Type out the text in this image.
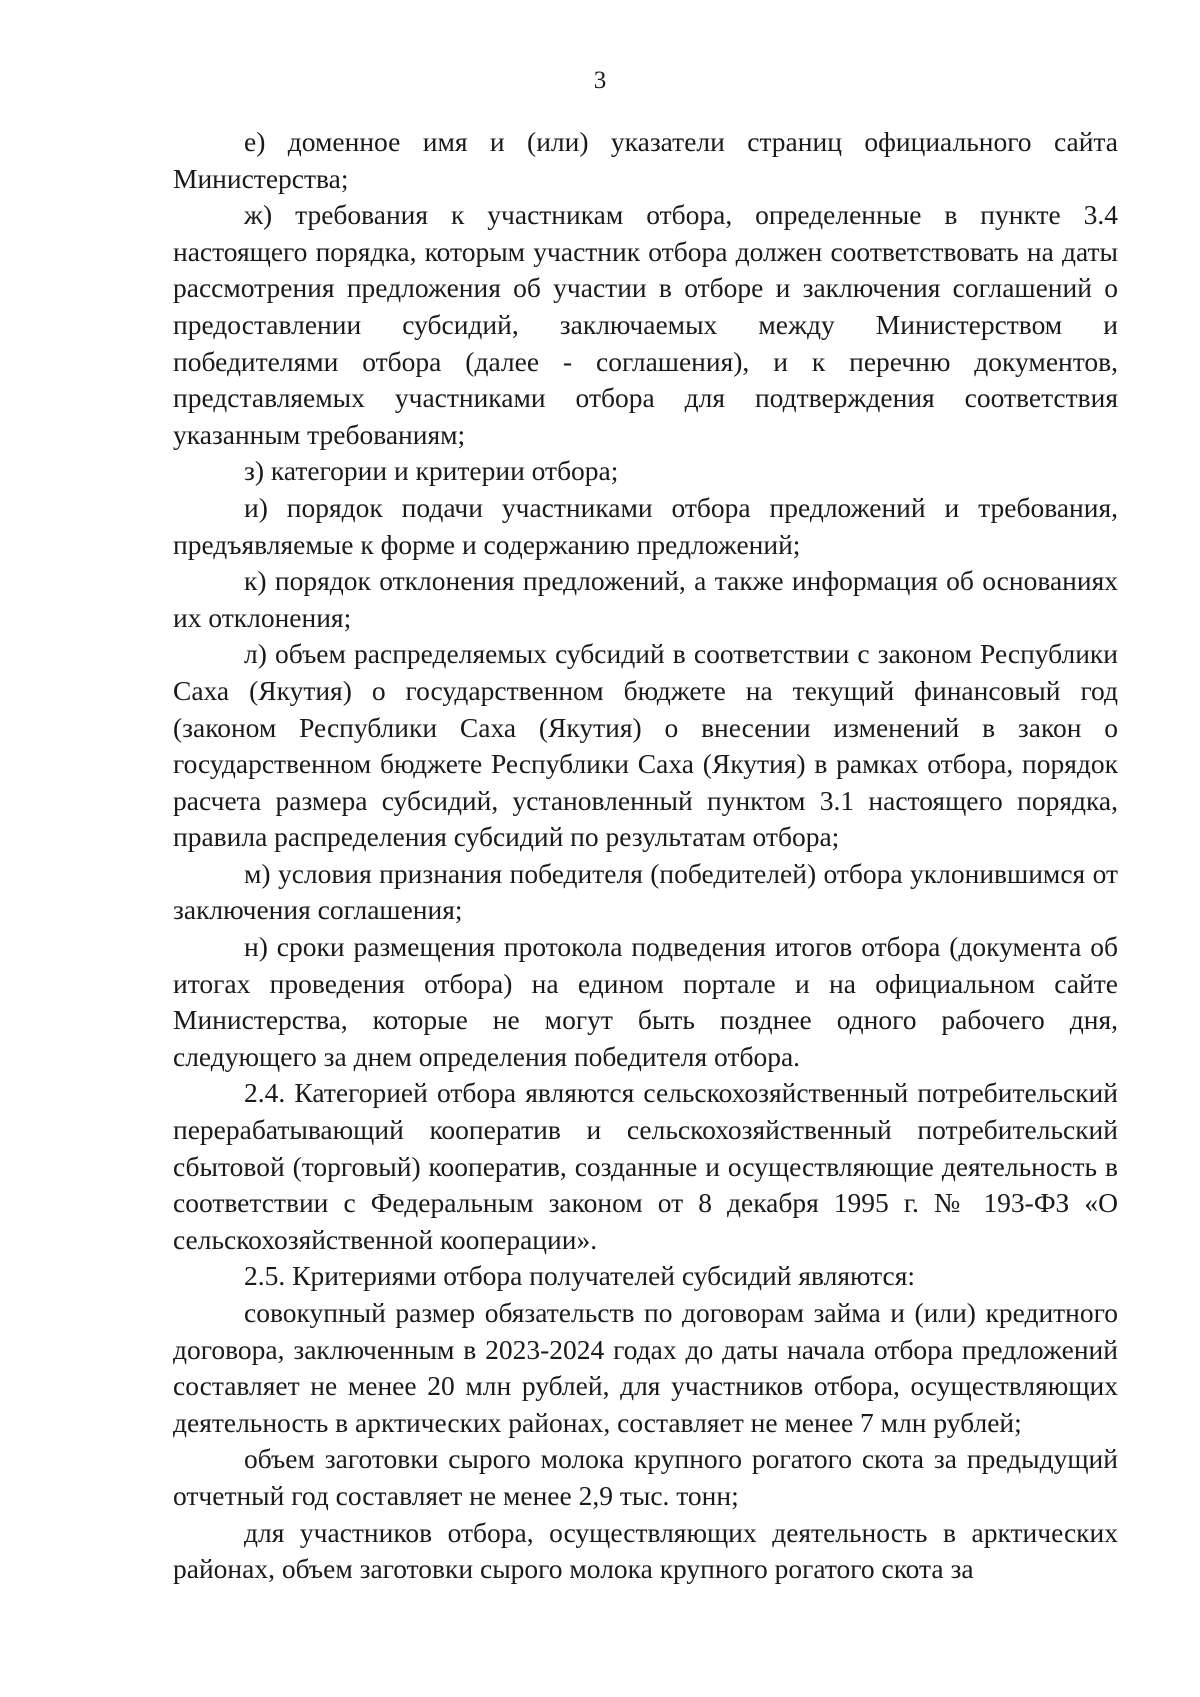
3

е) доменное имя и (или) указатели страниц официального сайта Министерства;

ж) требования к участникам отбора, определенные в пункте 3.4 настоящего порядка, которым участник отбора должен соответствовать на даты рассмотрения предложения об участии в отборе и заключения соглашений о предоставлении субсидий, заключаемых между Министерством и победителями отбора (далее - соглашения), и к перечню документов, представляемых участниками отбора для подтверждения соответствия указанным требованиям;

з) категории и критерии отбора;

и) порядок подачи участниками отбора предложений и требования, предъявляемые к форме и содержанию предложений;

к) порядок отклонения предложений, а также информация об основаниях их отклонения;

л) объем распределяемых субсидий в соответствии с законом Республики Саха (Якутия) о государственном бюджете на текущий финансовый год (законом Республики Саха (Якутия) о внесении изменений в закон о государственном бюджете Республики Саха (Якутия) в рамках отбора, порядок расчета размера субсидий, установленный пунктом 3.1 настоящего порядка, правила распределения субсидий по результатам отбора;

м) условия признания победителя (победителей) отбора уклонившимся от заключения соглашения;

н) сроки размещения протокола подведения итогов отбора (документа об итогах проведения отбора) на едином портале и на официальном сайте Министерства, которые не могут быть позднее одного рабочего дня, следующего за днем определения победителя отбора.

2.4. Категорией отбора являются сельскохозяйственный потребительский перерабатывающий кооператив и сельскохозяйственный потребительский сбытовой (торговый) кооператив, созданные и осуществляющие деятельность в соответствии с Федеральным законом от 8 декабря 1995 г. № 193-ФЗ «О сельскохозяйственной кооперации».

2.5. Критериями отбора получателей субсидий являются:

совокупный размер обязательств по договорам займа и (или) кредитного договора, заключенным в 2023-2024 годах до даты начала отбора предложений составляет не менее 20 млн рублей, для участников отбора, осуществляющих деятельность в арктических районах, составляет не менее 7 млн рублей;

объем заготовки сырого молока крупного рогатого скота за предыдущий отчетный год составляет не менее 2,9 тыс. тонн;

для участников отбора, осуществляющих деятельность в арктических районах, объем заготовки сырого молока крупного рогатого скота за
